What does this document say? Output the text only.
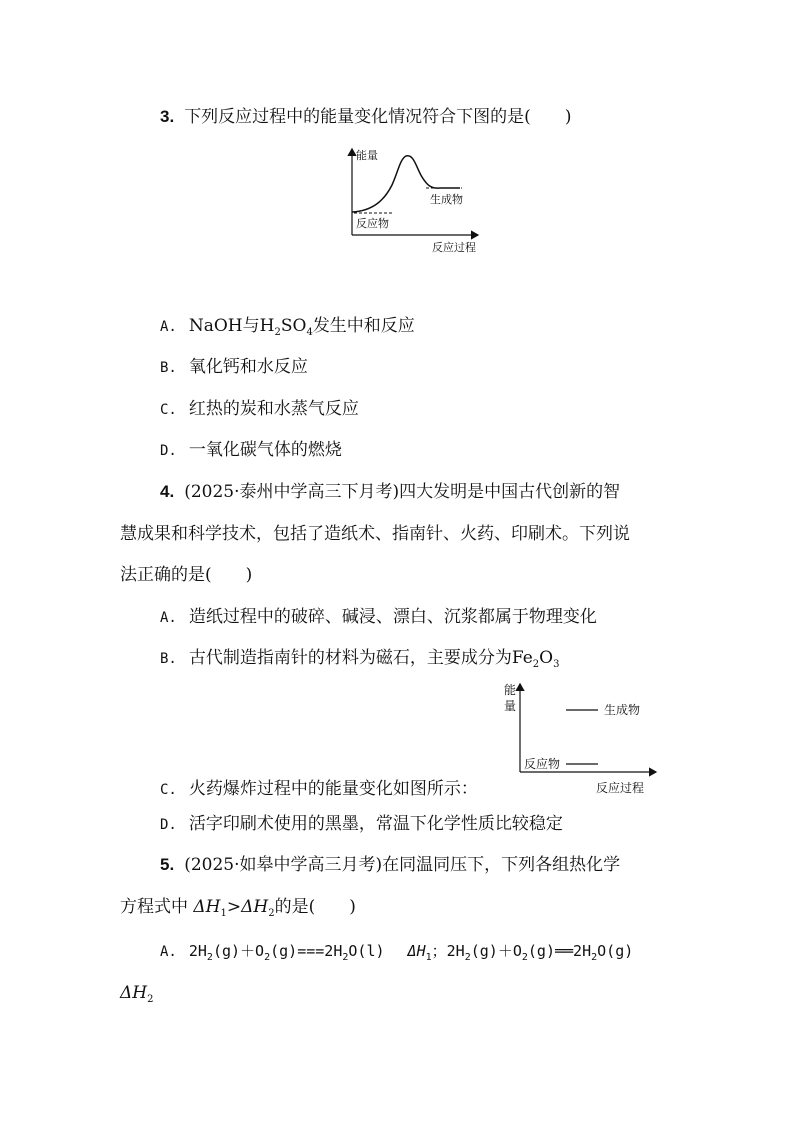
3. 下列反应过程中的能量变化情况符合下图的是(　　)
能量
生成物
反应物
反应过程
A. NaOH与$H_2SO_4$发生中和反应
B. 氧化钙和水反应
C. 红热的炭和水蒸气反应
D. 一氧化碳气体的燃烧
4. (2025·泰州中学高三下月考)四大发明是中国古代创新的智
慧成果和科学技术，包括了造纸术、指南针、火药、印刷术。下列说
法正确的是(　　)
A. 造纸过程中的破碎、碱浸、漂白、沉浆都属于物理变化
B. 古代制造指南针的材料为磁石，主要成分为$Fe_2O_3$
能
量	生成物
反应物
反应过程
C. 火药爆炸过程中的能量变化如图所示：
D. 活字印刷术使用的黑墨，常温下化学性质比较稳定
5. (2025·如皋中学高三月考)在同温同压下，下列各组热化学
方程式中 $\Delta H_1>\Delta H_2$的是(　　)
A. $2H_2(g)+O_2(g)===2H_2O(l)$ $\Delta H_1$；$2H_2(g)+O_2(g)══2H_2O(g)$
$\Delta H_2$
